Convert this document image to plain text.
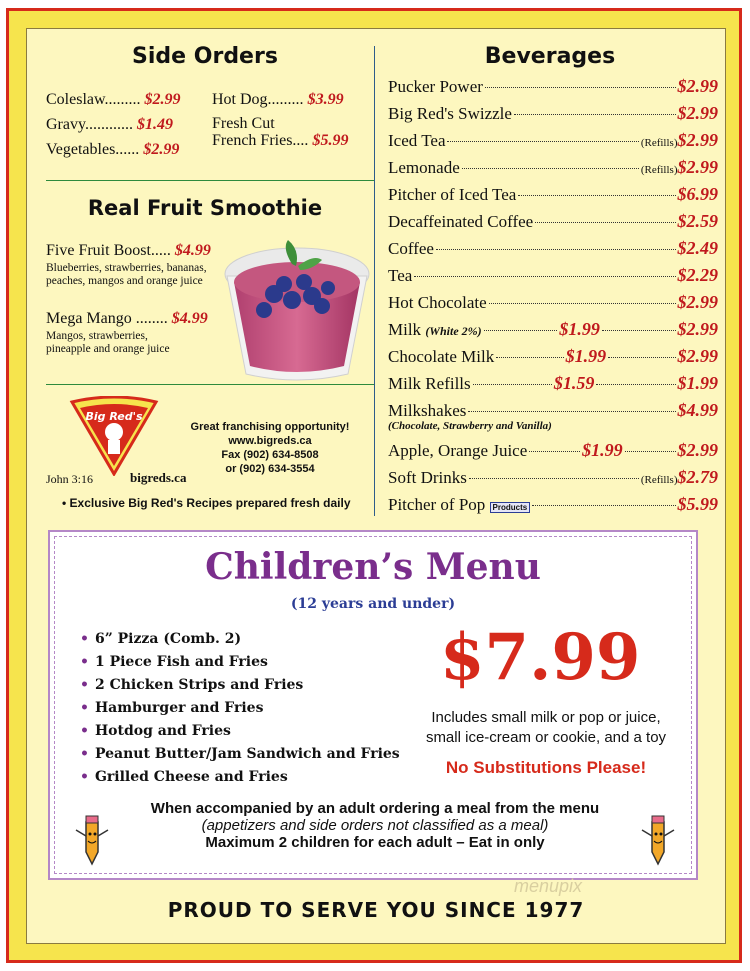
Side Orders
Coleslaw......... $2.99
Gravy............ $1.49
Vegetables...... $2.99
Hot Dog......... $3.99
Fresh Cut
French Fries.... $5.99
Real Fruit Smoothie
Five Fruit Boost..... $4.99
Blueberries, strawberries, bananas,
peaches, mangos and orange juice
Mega Mango ........ $4.99
Mangos, strawberries,
pineapple and orange juice
Big Red's
John 3:16	bigreds.ca
Great franchising opportunity!
www.bigreds.ca
Fax (902) 634-8508
or (902) 634-3554
• Exclusive Big Red's Recipes prepared fresh daily
Beverages
Pucker Power	$2.99
Big Red's Swizzle	$2.99
Iced Tea	(Refills) $2.99
Lemonade	(Refills) $2.99
Pitcher of Iced Tea	$6.99
Decaffeinated Coffee	$2.59
Coffee	$2.49
Tea	$2.29
Hot Chocolate	$2.99
Milk
(White 2%)	$1.99	$2.99
Chocolate Milk	$1.99	$2.99
Milk Refills	$1.59	$1.99
Milkshakes	$4.99
(Chocolate, Strawberry and Vanilla)
Apple, Orange Juice	$1.99	$2.99
Soft Drinks	(Refills) $2.79
Pitcher of Pop
Products	$5.99
Children’s Menu
(12 years and under)
• 6” Pizza (Comb. 2)
• 1 Piece Fish and Fries
• 2 Chicken Strips and Fries
• Hamburger and Fries
• Hotdog and Fries
• Peanut Butter/Jam Sandwich and Fries
• Grilled Cheese and Fries
$7.99
Includes small milk or pop or juice,
small ice-cream or cookie, and a toy
No Substitutions Please!
When accompanied by an adult ordering a meal from the menu
(appetizers and side orders not classified as a meal)
Maximum 2 children for each adult – Eat in only
menupix
PROUD TO SERVE YOU SINCE 1977
